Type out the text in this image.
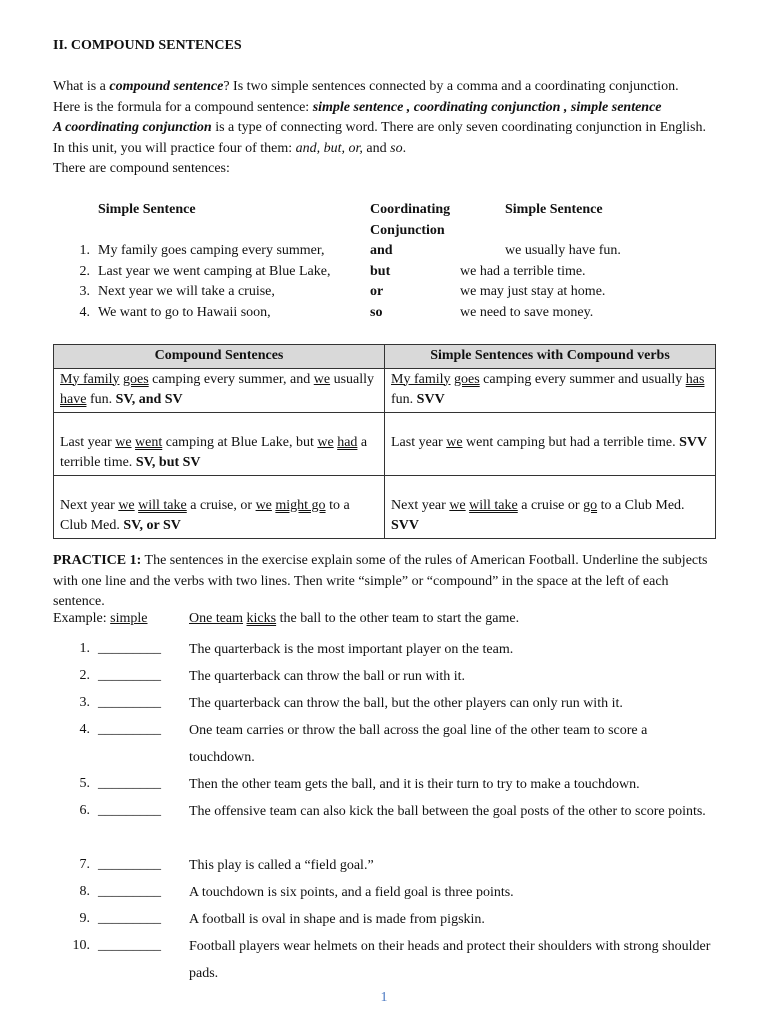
II. COMPOUND SENTENCES

What is a compound sentence? Is two simple sentences connected by a comma and a coordinating conjunction.

Here is the formula for a compound sentence: simple sentence , coordinating conjunction , simple sentence

A coordinating conjunction is a type of connecting word. There are only seven coordinating conjunction in English. In this unit, you will practice four of them: and, but, or, and so.

There are compound sentences:

Simple Sentence	Coordinating	Simple Sentence
Conjunction
1. My family goes camping every summer,	and	we usually have fun.
2. Last year we went camping at Blue Lake,	but	we had a terrible time.
3. Next year we will take a cruise,	or	we may just stay at home.
4. We want to go to Hawaii soon,	so	we need to save money.
Compound Sentences	Simple Sentences with Compound verbs

My family goes camping every summer, and we usually have fun. SV, and SV	My family goes camping every summer and usually has fun. SVV

Last year we went camping at Blue Lake, but we had a terrible time. SV, but SV	Last year we went camping but had a terrible time. SVV

Next year we will take a cruise, or we might go to a Club Med. SV, or SV	Next year we will take a cruise or go to a Club Med. SVV

PRACTICE 1: The sentences in the exercise explain some of the rules of American Football. Underline the subjects with one line and the verbs with two lines. Then write “simple” or “compound” in the space at the left of each sentence.

Example: simple	One team kicks the ball to the other team to start the game.
1. _________ The quarterback is the most important player on the team.
2. _________ The quarterback can throw the ball or run with it.
3. _________ The quarterback can throw the ball, but the other players can only run with it.
4. _________ One team carries or throw the ball across the goal line of the other team to score a touchdown.
5. _________ Then the other team gets the ball, and it is their turn to try to make a touchdown.
6. _________ The offensive team can also kick the ball between the goal posts of the other to score points.
7. _________ This play is called a “field goal.”
8. _________ A touchdown is six points, and a field goal is three points.
9. _________ A football is oval in shape and is made from pigskin.
10. _________ Football players wear helmets on their heads and protect their shoulders with strong shoulder pads.
1
